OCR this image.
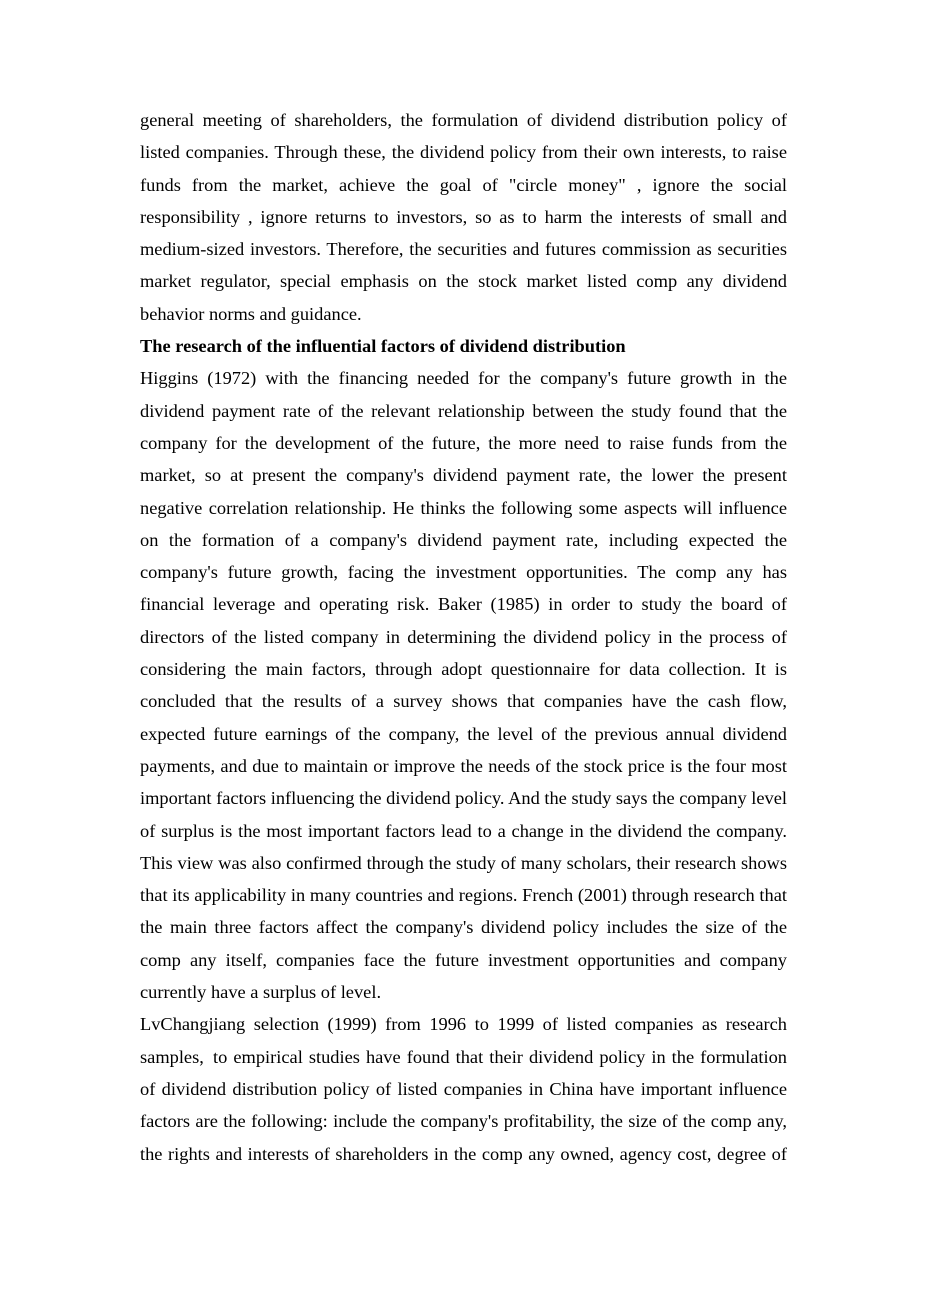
general meeting of shareholders, the formulation of dividend distribution policy of
listed companies. Through these, the dividend policy from their own interests, to raise
funds from the market, achieve the goal of "circle money" , ignore the social
responsibility , ignore returns to investors, so as to harm the interests of small and
medium-sized investors. Therefore, the securities and futures commission as securities
market regulator, special emphasis on the stock market listed comp any dividend
behavior norms and guidance.
The research of the influential factors of dividend distribution
Higgins (1972) with the financing needed for the company's future growth in the
dividend payment rate of the relevant relationship between the study found that the
company for the development of the future, the more need to raise funds from the
market, so at present the company's dividend payment rate, the lower the present
negative correlation relationship. He thinks the following some aspects will influence
on the formation of a company's dividend payment rate, including expected the
company's future growth, facing the investment opportunities. The comp any has
financial leverage and operating risk. Baker (1985) in order to study the board of
directors of the listed company in determining the dividend policy in the process of
considering the main factors, through adopt questionnaire for data collection. It is
concluded that the results of a survey shows that companies have the cash flow,
expected future earnings of the company, the level of the previous annual dividend
payments, and due to maintain or improve the needs of the stock price is the four most
important factors influencing the dividend policy. And the study says the company level
of surplus is the most important factors lead to a change in the dividend the company.
This view was also confirmed through the study of many scholars, their research shows
that its applicability in many countries and regions. French (2001) through research that
the main three factors affect the company's dividend policy includes the size of the
comp any itself, companies face the future investment opportunities and company
currently have a surplus of level.
LvChangjiang selection (1999) from 1996 to 1999 of listed companies as research
samples, to empirical studies have found that their dividend policy in the formulation
of dividend distribution policy of listed companies in China have important influence
factors are the following: include the company's profitability, the size of the comp any,
the rights and interests of shareholders in the comp any owned, agency cost, degree of
